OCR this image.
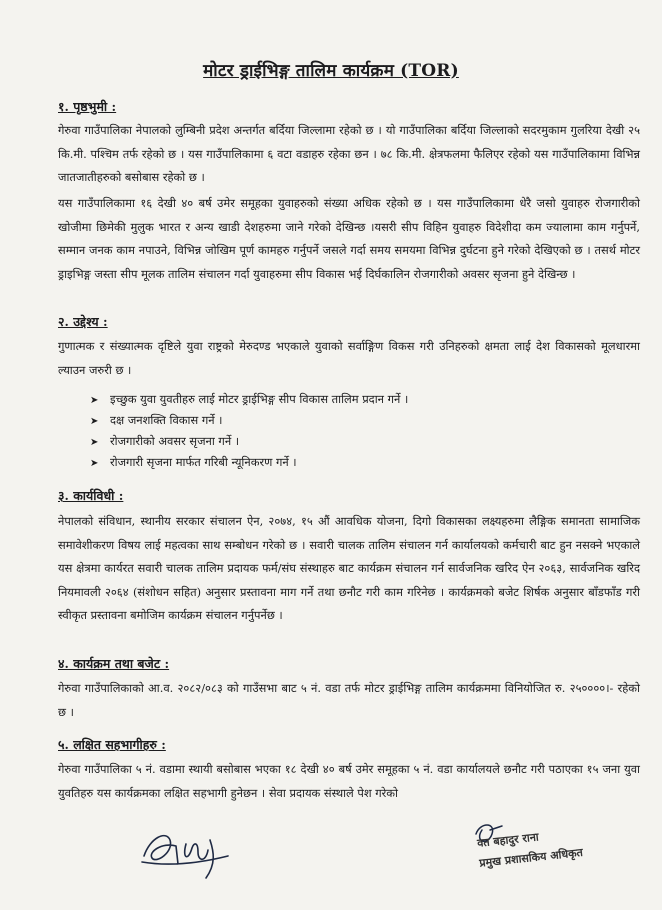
मोटर ड्राईभिङ्ग तालिम कार्यक्रम (TOR)
१. पृष्ठभुमी :
गेरुवा गाउँपालिका नेपालको लुम्बिनी प्रदेश अन्तर्गत बर्दिया जिल्लामा रहेको छ । यो गाउँपालिका बर्दिया जिल्लाको सदरमुकाम गुलरिया देखी २५ कि.मी. पश्चिम तर्फ रहेको छ । यस गाउँपालिकामा ६ वटा वडाहरु रहेका छन । ७८ कि.मी. क्षेत्रफलमा फैलिएर रहेको यस गाउँपालिकामा विभिन्न जातजातीहरुको बसोबास रहेको छ ।
यस गाउँपालिकामा १६ देखी ४० बर्ष उमेर समूहका युवाहरुको संख्या अधिक रहेको छ । यस गाउँपालिकामा धेरै जसो युवाहरु रोजगारीको खोजीमा छिमेकी मुलुक भारत र अन्य खाडी देशहरुमा जाने गरेको देखिन्छ ।यसरी सीप विहिन युवाहरु विदेशीदा कम ज्यालामा काम गर्नुपर्ने, सम्मान जनक काम नपाउने, विभिन्न जोखिम पूर्ण कामहरु गर्नुपर्ने जसले गर्दा समय समयमा विभिन्न दुर्घटना हुने गरेको देखिएको छ । तसर्थ मोटर ड्राइभिङ्ग जस्ता सीप मूलक तालिम संचालन गर्दा युवाहरुमा सीप विकास भई दिर्घकालिन रोजगारीको अवसर सृजना हुने देखिन्छ ।
२. उद्देश्य :
गुणात्मक र संख्यात्मक दृष्टिले युवा राष्ट्रको मेरुदण्ड भएकाले युवाको सर्वाङ्गिण विकस गरी उनिहरुको क्षमता लाई देश विकासको मूलधारमा ल्याउन जरुरी छ ।
➤ इच्छुक युवा युवतीहरु लाई मोटर ड्राईभिङ्ग सीप विकास तालिम प्रदान गर्ने ।
➤ दक्ष जनशक्ति विकास गर्ने ।
➤ रोजगारीको अवसर सृजना गर्ने ।
➤ रोजगारी सृजना मार्फत गरिबी न्यूनिकरण गर्ने ।
३. कार्यविधी :
नेपालको संविधान, स्थानीय सरकार संचालन ऐन, २०७४, १५ औं आवधिक योजना, दिगो विकासका लक्ष्यहरुमा लैङ्गिक समानता सामाजिक समावेशीकरण विषय लाई महत्वका साथ सम्बोधन गरेको छ । सवारी चालक तालिम संचालन गर्न कार्यालयको कर्मचारी बाट हुन नसक्ने भएकाले यस क्षेत्रमा कार्यरत सवारी चालक तालिम प्रदायक फर्म/संघ संस्थाहरु बाट कार्यक्रम संचालन गर्न सार्वजनिक खरिद ऐन २०६३, सार्वजनिक खरिद नियमावली २०६४ (संशोधन सहित) अनुसार प्रस्तावना माग गर्ने तथा छनौट गरी काम गरिनेछ । कार्यक्रमको बजेट शिर्षक अनुसार बाँडफाँड गरी स्वीकृत प्रस्तावना बमोजिम कार्यक्रम संचालन गर्नुपर्नेछ ।
४. कार्यक्रम तथा बजेट :
गेरुवा गाउँपालिकाको आ.व. २०८२/०८३ को गाउँसभा बाट ५ नं. वडा तर्फ मोटर ड्राईभिङ्ग तालिम कार्यक्रममा विनियोजित रु. २५००००।- रहेको छ ।
५. लक्षित सहभागीहरु :
गेरुवा गाउँपालिका ५ नं. वडामा स्थायी बसोबास भएका १८ देखी ४० बर्ष उमेर समूहका ५ नं. वडा कार्यालयले छनौट गरी पठाएका १५ जना युवा युवतिहरु यस कार्यक्रमका लक्षित सहभागी हुनेछन । सेवा प्रदायक संस्थाले पेश गरेको
वत बहादुर राना
प्रमुख प्रशासकिय अधिकृत
